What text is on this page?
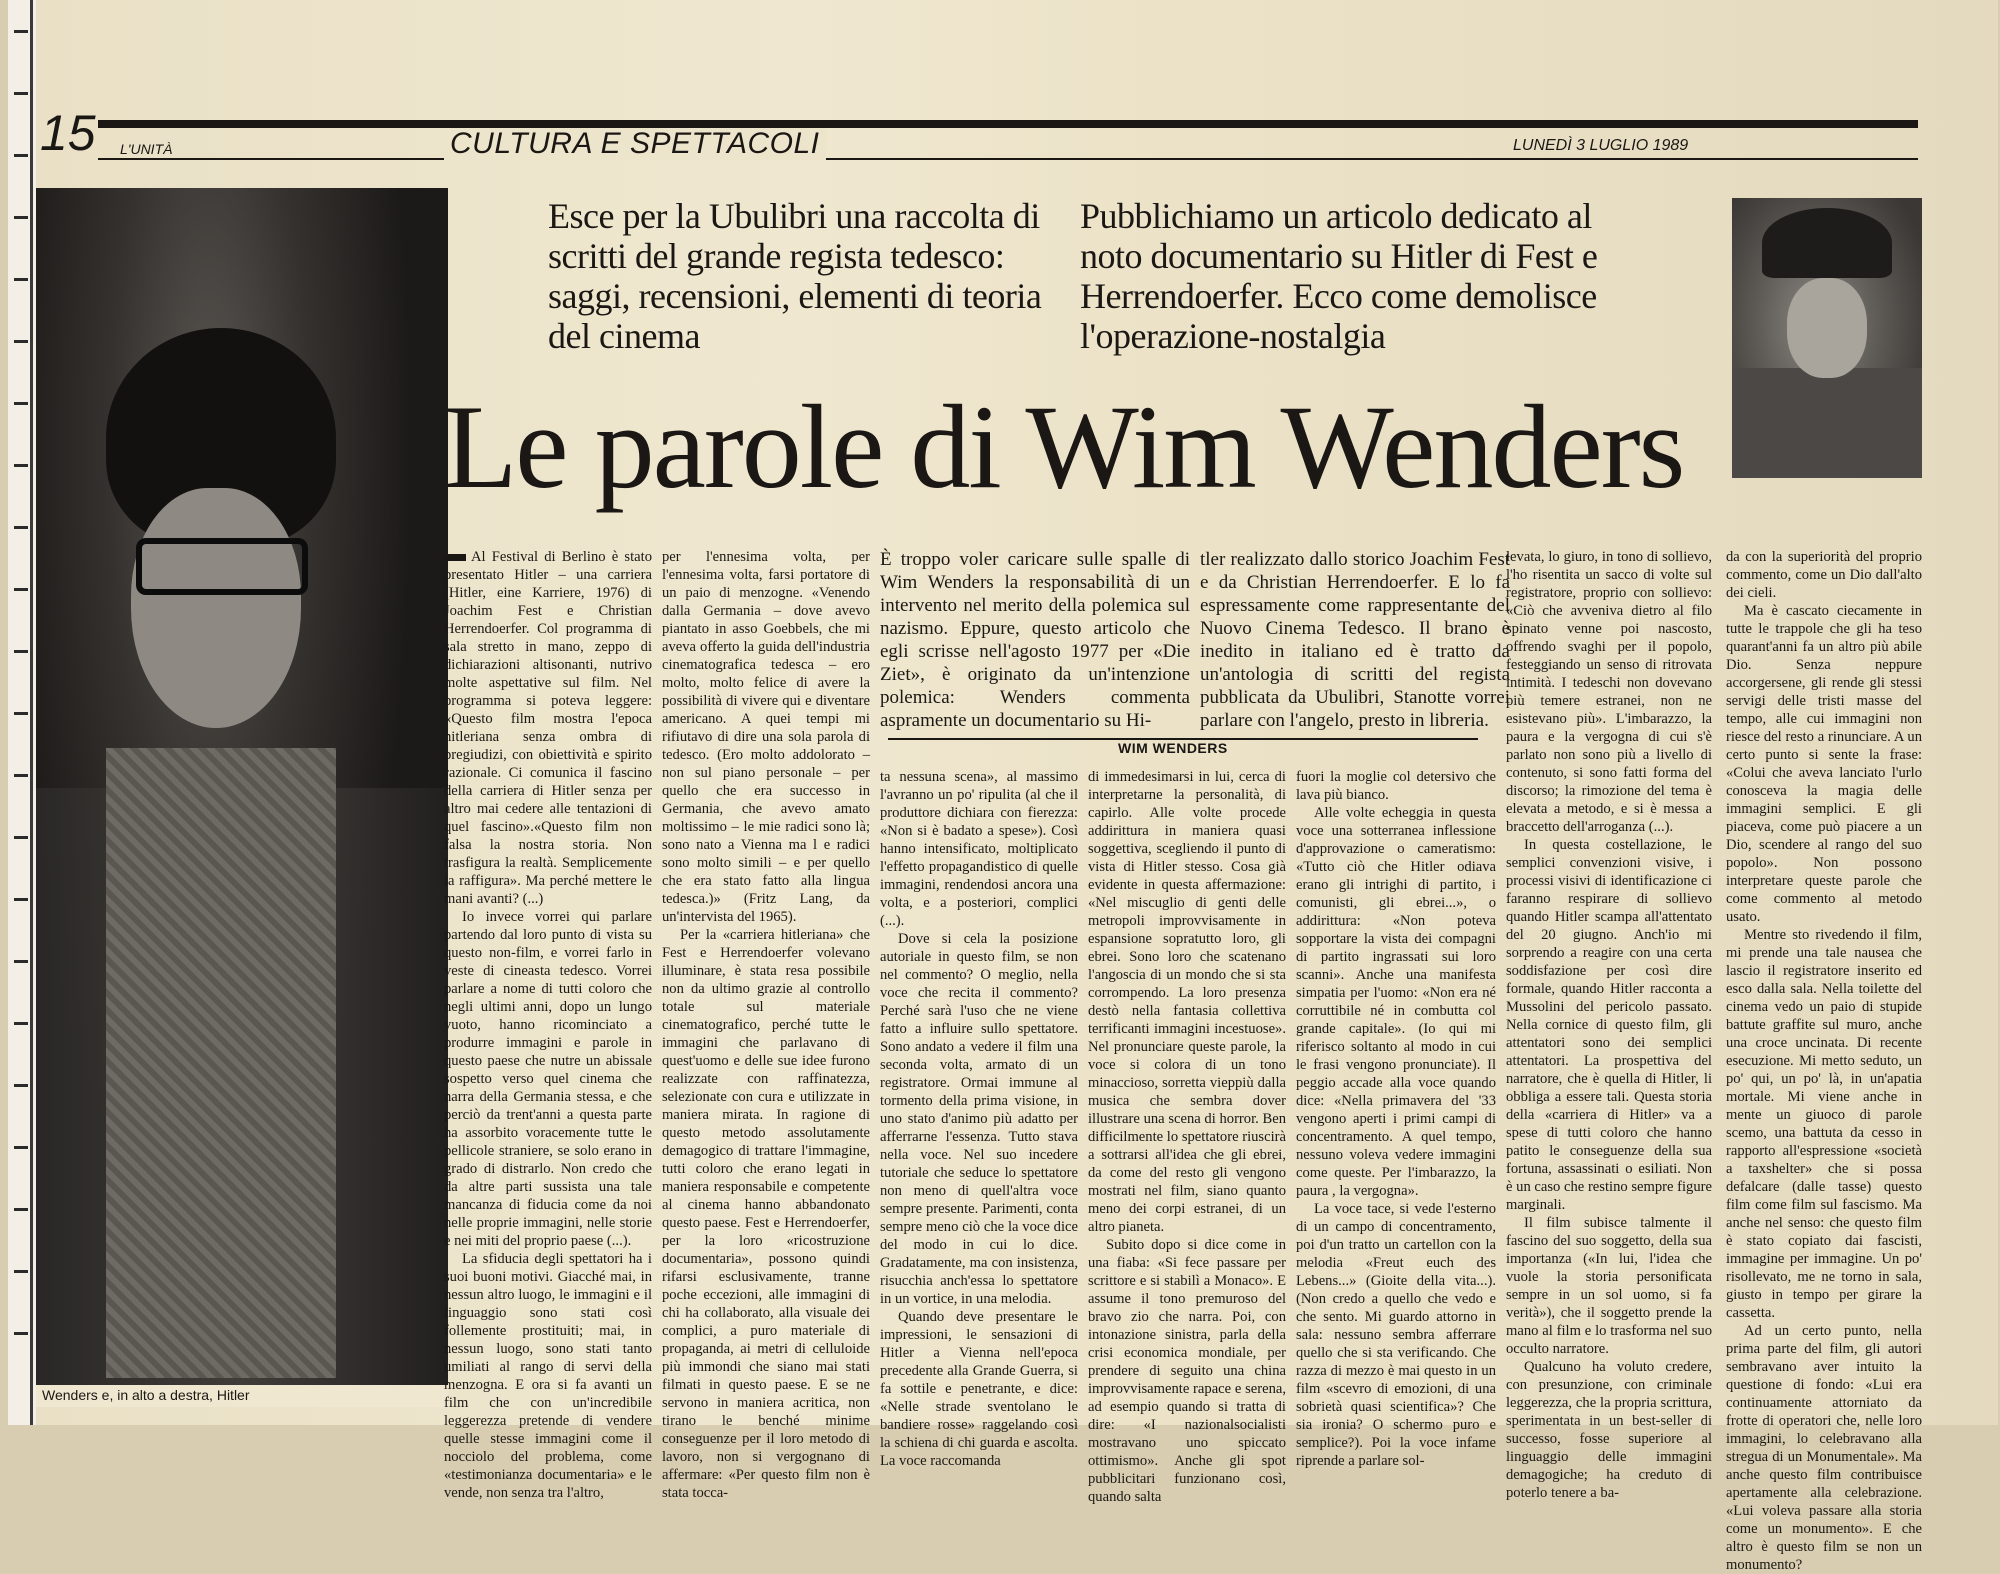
15 L'UNITÀ	CULTURA E SPETTACOLI	LUNEDÌ 3 LUGLIO 1989
Wenders e, in alto a destra, Hitler
Esce per la Ubulibri una raccolta di scritti del grande regista tedesco: saggi, recensioni, elementi di teoria del cinema
Pubblichiamo un articolo dedicato al noto documentario su Hitler di Fest e Herrendoerfer. Ecco come demolisce l'operazione-nostalgia
Le parole di Wim Wenders
È troppo voler caricare sulle spalle di Wim Wenders la responsabilità di un intervento nel merito della polemica sul nazismo. Eppure, questo articolo che egli scrisse nell'agosto 1977 per «Die Ziet», è originato da un'intenzione polemica: Wenders commenta aspramente un documentario su Hi-
tler realizzato dallo storico Joachim Fest e da Christian Herrendoerfer. E lo fa espressamente come rappresentante del Nuovo Cinema Tedesco. Il brano è inedito in italiano ed è tratto da un'antologia di scritti del regista pubblicata da Ubulibri, Stanotte vorrei parlare con l'angelo, presto in libreria.
WIM WENDERS

Al Festival di Berlino è stato presentato Hitler – una carriera (Hitler, eine Karriere, 1976) di Joachim Fest e Christian Herrendoerfer. Col programma di sala stretto in mano, zeppo di dichiarazioni altisonanti, nutrivo molte aspettative sul film. Nel programma si poteva leggere: «Questo film mostra l'epoca hitleriana senza ombra di pregiudizi, con obiettività e spirito razionale. Ci comunica il fascino della carriera di Hitler senza per altro mai cedere alle tentazioni di quel fascino».«Questo film non falsa la nostra storia. Non trasfigura la realtà. Semplicemente la raffigura». Ma perché mettere le mani avanti? (...)

Io invece vorrei qui parlare partendo dal loro punto di vista su questo non-film, e vorrei farlo in veste di cineasta tedesco. Vorrei parlare a nome di tutti coloro che negli ultimi anni, dopo un lungo vuoto, hanno ricominciato a produrre immagini e parole in questo paese che nutre un abissale sospetto verso quel cinema che narra della Germania stessa, e che perciò da trent'anni a questa parte ha assorbito voracemente tutte le pellicole straniere, se solo erano in grado di distrarlo. Non credo che da altre parti sussista una tale mancanza di fiducia come da noi nelle proprie immagini, nelle storie e nei miti del proprio paese (...).

La sfiducia degli spettatori ha i suoi buoni motivi. Giacché mai, in nessun altro luogo, le immagini e il linguaggio sono stati così follemente prostituiti; mai, in nessun luogo, sono stati tanto umiliati al rango di servi della menzogna. E ora si fa avanti un film che con un'incredibile leggerezza pretende di vendere quelle stesse immagini come il nocciolo del problema, come «testimonianza documentaria» e le vende, non senza tra l'altro,

per l'ennesima volta, per l'ennesima volta, farsi portatore di un paio di menzogne. «Venendo dalla Germania – dove avevo piantato in asso Goebbels, che mi aveva offerto la guida dell'industria cinematografica tedesca – ero molto, molto felice di avere la possibilità di vivere qui e diventare americano. A quei tempi mi rifiutavo di dire una sola parola di tedesco. (Ero molto addolorato – non sul piano personale – per quello che era successo in Germania, che avevo amato moltissimo – le mie radici sono là; sono nato a Vienna ma l e radici sono molto simili – e per quello che era stato fatto alla lingua tedesca.)» (Fritz Lang, da un'intervista del 1965).

Per la «carriera hitleriana» che Fest e Herrendoerfer volevano illuminare, è stata resa possibile non da ultimo grazie al controllo totale sul materiale cinematografico, perché tutte le immagini che parlavano di quest'uomo e delle sue idee furono realizzate con raffinatezza, selezionate con cura e utilizzate in maniera mirata. In ragione di questo metodo assolutamente demagogico di trattare l'immagine, tutti coloro che erano legati in maniera responsabile e competente al cinema hanno abbandonato questo paese. Fest e Herrendoerfer, per la loro «ricostruzione documentaria», possono quindi rifarsi esclusivamente, tranne poche eccezioni, alle immagini di chi ha collaborato, alla visuale dei complici, a puro materiale di propaganda, ai metri di celluloide più immondi che siano mai stati filmati in questo paese. E se ne servono in maniera acritica, non tirano le benché minime conseguenze per il loro metodo di lavoro, non si vergognano di affermare: «Per questo film non è stata tocca-

ta nessuna scena», al massimo l'avranno un po' ripulita (al che il produttore dichiara con fierezza: «Non si è badato a spese»). Così hanno intensificato, moltiplicato l'effetto propagandistico di quelle immagini, rendendosi ancora una volta, e a posteriori, complici (...).

Dove si cela la posizione autoriale in questo film, se non nel commento? O meglio, nella voce che recita il commento? Perché sarà l'uso che ne viene fatto a influire sullo spettatore. Sono andato a vedere il film una seconda volta, armato di un registratore. Ormai immune al tormento della prima visione, in uno stato d'animo più adatto per afferrarne l'essenza. Tutto stava nella voce. Nel suo incedere tutoriale che seduce lo spettatore non meno di quell'altra voce sempre presente. Parimenti, conta sempre meno ciò che la voce dice del modo in cui lo dice. Gradatamente, ma con insistenza, risucchia anch'essa lo spettatore in un vortice, in una melodia.

Quando deve presentare le impressioni, le sensazioni di Hitler a Vienna nell'epoca precedente alla Grande Guerra, si fa sottile e penetrante, e dice: «Nelle strade sventolano le bandiere rosse» raggelando così la schiena di chi guarda e ascolta. La voce raccomanda

di immedesimarsi in lui, cerca di interpretarne la personalità, di capirlo. Alle volte procede addirittura in maniera quasi soggettiva, scegliendo il punto di vista di Hitler stesso. Cosa già evidente in questa affermazione: «Nel miscuglio di genti delle metropoli improvvisamente in espansione sopratutto loro, gli ebrei. Sono loro che scatenano l'angoscia di un mondo che si sta corrompendo. La loro presenza destò nella fantasia collettiva terrificanti immagini incestuose». Nel pronunciare queste parole, la voce si colora di un tono minaccioso, sorretta vieppiù dalla musica che sembra dover illustrare una scena di horror. Ben difficilmente lo spettatore riuscirà a sottrarsi all'idea che gli ebrei, da come del resto gli vengono mostrati nel film, siano quanto meno dei corpi estranei, di un altro pianeta.

Subito dopo si dice come in una fiaba: «Si fece passare per scrittore e si stabilì a Monaco». E assume il tono premuroso del bravo zio che narra. Poi, con intonazione sinistra, parla della crisi economica mondiale, per prendere di seguito una china improvvisamente rapace e serena, ad esempio quando si tratta di dire: «I nazionalsocialisti mostravano uno spiccato ottimismo». Anche gli spot pubblicitari funzionano così, quando salta

fuori la moglie col detersivo che lava più bianco.

Alle volte echeggia in questa voce una sotterranea inflessione d'approvazione o cameratismo: «Tutto ciò che Hitler odiava erano gli intrighi di partito, i comunisti, gli ebrei...», o addirittura: «Non poteva sopportare la vista dei compagni di partito ingrassati sui loro scanni». Anche una manifesta simpatia per l'uomo: «Non era né corruttibile né in combutta col grande capitale». (Io qui mi riferisco soltanto al modo in cui le frasi vengono pronunciate). Il peggio accade alla voce quando dice: «Nella primavera del '33 vengono aperti i primi campi di concentramento. A quel tempo, nessuno voleva vedere immagini come queste. Per l'imbarazzo, la paura , la vergogna».

La voce tace, si vede l'esterno di un campo di concentramento, poi d'un tratto un cartellon con la melodia «Freut euch des Lebens...» (Gioite della vita...). (Non credo a quello che vedo e che sento. Mi guardo attorno in sala: nessuno sembra afferrare quello che si sta verificando. Che razza di mezzo è mai questo in un film «scevro di emozioni, di una sobrietà quasi scientifica»? Che sia ironia? O schermo puro e semplice?). Poi la voce infame riprende a parlare sol-

levata, lo giuro, in tono di sollievo, l'ho risentita un sacco di volte sul registratore, proprio con sollievo: «Ciò che avveniva dietro al filo spinato venne poi nascosto, offrendo svaghi per il popolo, festeggiando un senso di ritrovata intimità. I tedeschi non dovevano più temere estranei, non ne esistevano più». L'imbarazzo, la paura e la vergogna di cui s'è parlato non sono più a livello di contenuto, si sono fatti forma del discorso; la rimozione del tema è elevata a metodo, e si è messa a braccetto dell'arroganza (...).

In questa costellazione, le semplici convenzioni visive, i processi visivi di identificazione ci faranno respirare di sollievo quando Hitler scampa all'attentato del 20 giugno. Anch'io mi sorprendo a reagire con una certa soddisfazione per così dire formale, quando Hitler racconta a Mussolini del pericolo passato. Nella cornice di questo film, gli attentatori sono dei semplici attentatori. La prospettiva del narratore, che è quella di Hitler, li obbliga a essere tali. Questa storia della «carriera di Hitler» va a spese di tutti coloro che hanno patito le conseguenze della sua fortuna, assassinati o esiliati. Non è un caso che restino sempre figure marginali.

Il film subisce talmente il fascino del suo soggetto, della sua importanza («In lui, l'idea che vuole la storia personificata sempre in un sol uomo, si fa verità»), che il soggetto prende la mano al film e lo trasforma nel suo occulto narratore.

Qualcuno ha voluto credere, con presunzione, con criminale leggerezza, che la propria scrittura, sperimentata in un best-seller di successo, fosse superiore al linguaggio delle immagini demagogiche; ha creduto di poterlo tenere a ba-

da con la superiorità del proprio commento, come un Dio dall'alto dei cieli.

Ma è cascato ciecamente in tutte le trappole che gli ha teso quarant'anni fa un altro più abile Dio. Senza neppure accorgersene, gli rende gli stessi servigi delle tristi masse del tempo, alle cui immagini non riesce del resto a rinunciare. A un certo punto si sente la frase: «Colui che aveva lanciato l'urlo conosceva la magia delle immagini semplici. E gli piaceva, come può piacere a un Dio, scendere al rango del suo popolo». Non possono interpretare queste parole che come commento al metodo usato.

Mentre sto rivedendo il film, mi prende una tale nausea che lascio il registratore inserito ed esco dalla sala. Nella toilette del cinema vedo un paio di stupide battute graffite sul muro, anche una croce uncinata. Di recente esecuzione. Mi metto seduto, un po' qui, un po' là, in un'apatia mortale. Mi viene anche in mente un giuoco di parole scemo, una battuta da cesso in rapporto all'espressione «società a taxshelter» che si possa defalcare (dalle tasse) questo film come film sul fascismo. Ma anche nel senso: che questo film è stato copiato dai fascisti, immagine per immagine. Un po' risollevato, me ne torno in sala, giusto in tempo per girare la cassetta.

Ad un certo punto, nella prima parte del film, gli autori sembravano aver intuito la questione di fondo: «Lui era continuamente attorniato da frotte di operatori che, nelle loro immagini, lo celebravano alla stregua di un Monumentale». Ma anche questo film contribuisce apertamente alla celebrazione. «Lui voleva passare alla storia come un monumento». E che altro è questo film se non un monumento?
